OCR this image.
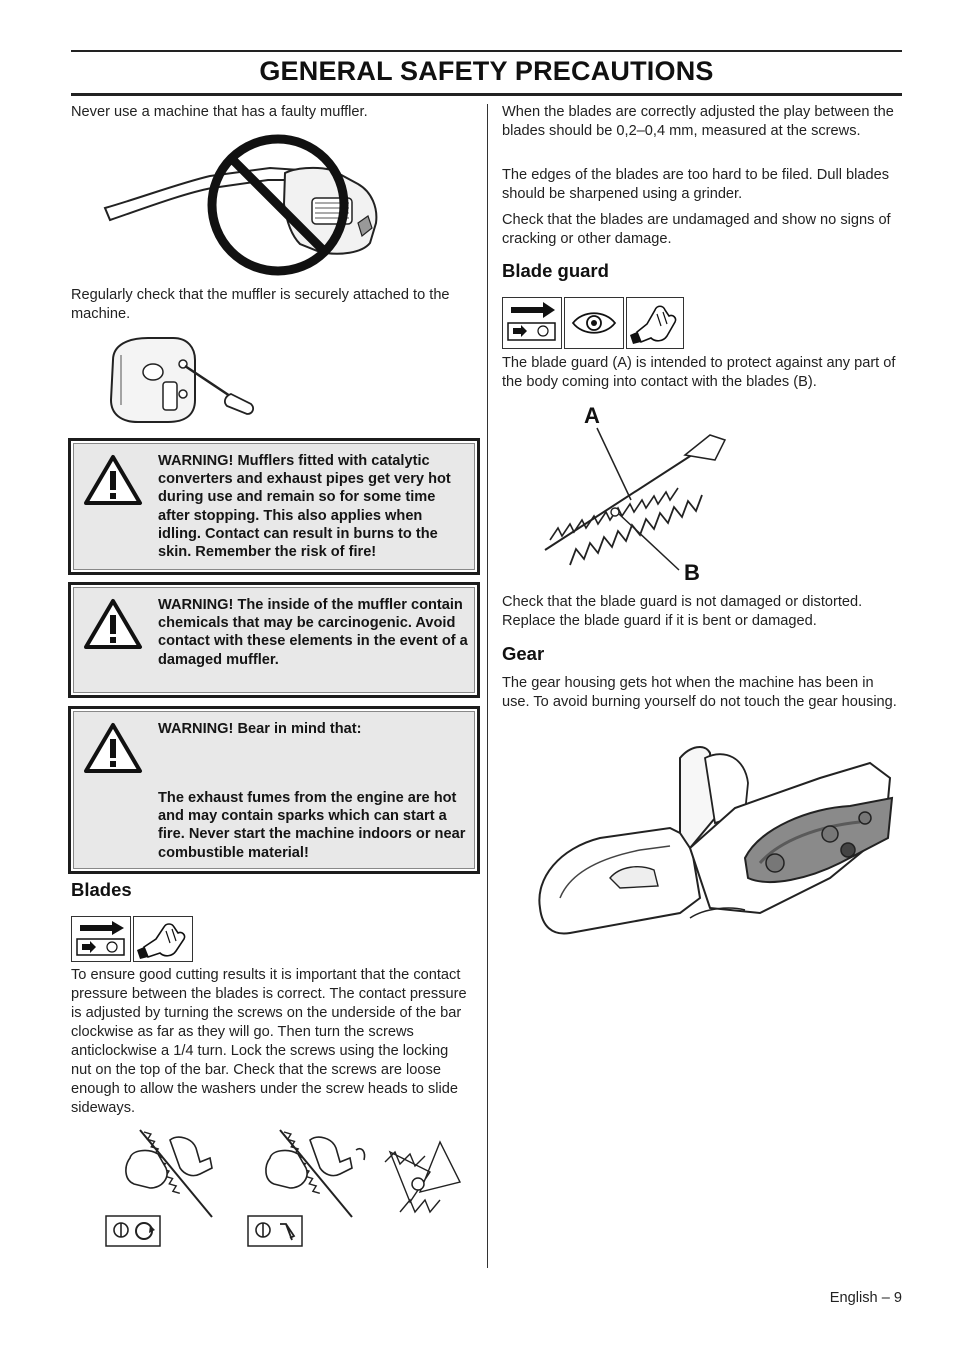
GENERAL SAFETY PRECAUTIONS

Never use a machine that has a faulty muffler.

Regularly check that the muffler is securely attached to the machine.

WARNING! Mufflers fitted with catalytic converters and exhaust pipes get very hot during use and remain so for some time after stopping. This also applies when idling. Contact can result in burns to the skin. Remember the risk of fire!

WARNING! The inside of the muffler contain chemicals that may be carcinogenic. Avoid contact with these elements in the event of a damaged muffler.

WARNING! Bear in mind that:

The exhaust fumes from the engine are hot and may contain sparks which can start a fire. Never start the machine indoors or near combustible material!

Blades

To ensure good cutting results it is important that the contact pressure between the blades is correct. The contact pressure is adjusted by turning the screws on the underside of the bar clockwise as far as they will go. Then turn the screws anticlockwise a 1/4 turn. Lock the screws using the locking nut on the top of the bar. Check that the screws are loose enough to allow the washers under the screw heads to slide sideways.

When the blades are correctly adjusted the play between the blades should be 0,2–0,4 mm, measured at the screws.

The edges of the blades are too hard to be filed. Dull blades should be sharpened using a grinder.

Check that the blades are undamaged and show no signs of cracking or other damage.

Blade guard

The blade guard (A) is intended to protect against any part of the body coming into contact with the blades (B).

A
B

Check that the blade guard is not damaged or distorted. Replace the blade guard if it is bent or damaged.

Gear

The gear housing gets hot when the machine has been in use. To avoid burning yourself do not touch the gear housing.

English – 9
